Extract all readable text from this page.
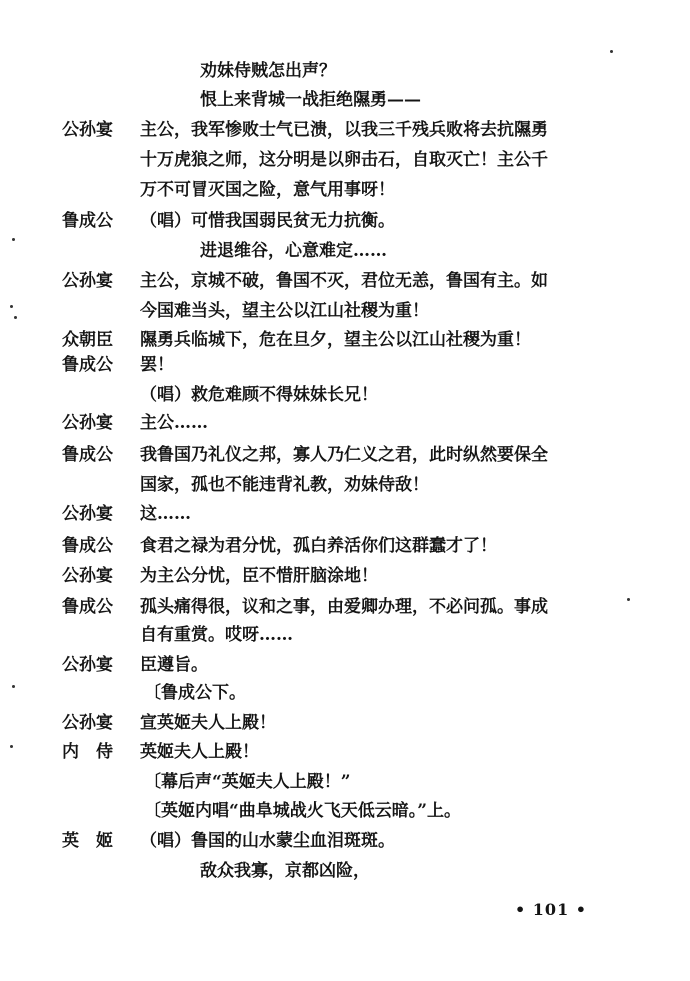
劝妹侍贼怎出声？
恨上来背城一战拒绝隰勇——
公孙宴	主公，我军惨败士气已溃，以我三千残兵败将去抗隰勇
十万虎狼之师，这分明是以卵击石，自取灭亡！主公千
万不可冒灭国之险，意气用事呀！
鲁成公	（唱）可惜我国弱民贫无力抗衡。
进退维谷，心意难定……
公孙宴	主公，京城不破，鲁国不灭，君位无恙，鲁国有主。如
今国难当头，望主公以江山社稷为重！
众朝臣	隰勇兵临城下，危在旦夕，望主公以江山社稷为重！
鲁成公	罢！
（唱）救危难顾不得妹妹长兄！
公孙宴	主公……
鲁成公	我鲁国乃礼仪之邦，寡人乃仁义之君，此时纵然要保全
国家，孤也不能违背礼教，劝妹侍敌！
公孙宴	这……
鲁成公	食君之禄为君分忧，孤白养活你们这群蠢才了！
公孙宴	为主公分忧，臣不惜肝脑涂地！
鲁成公	孤头痛得很，议和之事，由爱卿办理，不必问孤。事成
自有重赏。哎呀……
公孙宴	臣遵旨。
〔鲁成公下。
公孙宴	宣英姬夫人上殿！
内　侍	英姬夫人上殿！
〔幕后声“英姬夫人上殿！”
〔英姬内唱“曲阜城战火飞天低云暗。”上。
英　姬	（唱）鲁国的山水蒙尘血泪斑斑。
敌众我寡，京都凶险，
• 101 •
